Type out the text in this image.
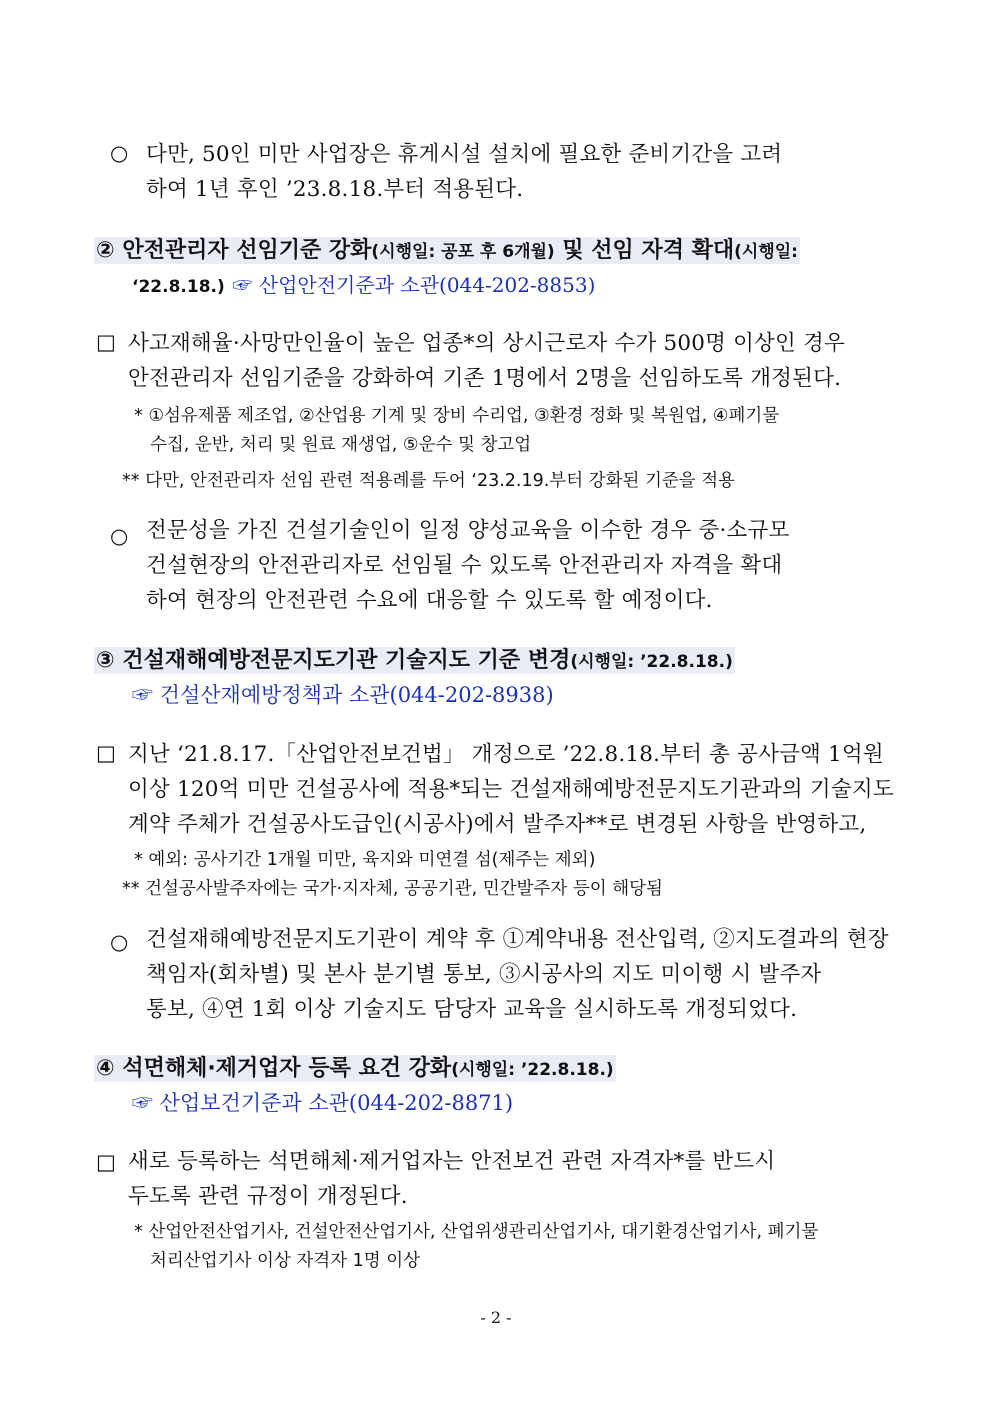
○ 다만, 50인 미만 사업장은 휴게시설 설치에 필요한 준비기간을 고려
하여 1년 후인 ’23.8.18.부터 적용된다.
② 안전관리자 선임기준 강화(시행일: 공포 후 6개월) 및 선임 자격 확대(시행일:
‘22.8.18.) ☞ 산업안전기준과 소관(044-202-8853)
□ 사고재해율·사망만인율이 높은 업종*의 상시근로자 수가 500명 이상인 경우
안전관리자 선임기준을 강화하여 기존 1명에서 2명을 선임하도록 개정된다.
* ①섬유제품 제조업, ②산업용 기계 및 장비 수리업, ③환경 정화 및 복원업, ④폐기물
수집, 운반, 처리 및 원료 재생업, ⑤운수 및 창고업
** 다만, 안전관리자 선임 관련 적용례를 두어 ‘23.2.19.부터 강화된 기준을 적용
○ 전문성을 가진 건설기술인이 일정 양성교육을 이수한 경우 중·소규모
건설현장의 안전관리자로 선임될 수 있도록 안전관리자 자격을 확대
하여 현장의 안전관련 수요에 대응할 수 있도록 할 예정이다.
③ 건설재해예방전문지도기관 기술지도 기준 변경(시행일: ’22.8.18.)
☞ 건설산재예방정책과 소관(044-202-8938)
□ 지난 ‘21.8.17.「산업안전보건법」 개정으로 ’22.8.18.부터 총 공사금액 1억원
이상 120억 미만 건설공사에 적용*되는 건설재해예방전문지도기관과의 기술지도
계약 주체가 건설공사도급인(시공사)에서 발주자**로 변경된 사항을 반영하고,
* 예외: 공사기간 1개월 미만, 육지와 미연결 섬(제주는 제외)
** 건설공사발주자에는 국가·지자체, 공공기관, 민간발주자 등이 해당됨
○ 건설재해예방전문지도기관이 계약 후 ①계약내용 전산입력, ②지도결과의 현장
책임자(회차별) 및 본사 분기별 통보, ③시공사의 지도 미이행 시 발주자
통보, ④연 1회 이상 기술지도 담당자 교육을 실시하도록 개정되었다.
④ 석면해체·제거업자 등록 요건 강화(시행일: ’22.8.18.)
☞ 산업보건기준과 소관(044-202-8871)
□ 새로 등록하는 석면해체·제거업자는 안전보건 관련 자격자*를 반드시
두도록 관련 규정이 개정된다.
* 산업안전산업기사, 건설안전산업기사, 산업위생관리산업기사, 대기환경산업기사, 폐기물
처리산업기사 이상 자격자 1명 이상
- 2 -
